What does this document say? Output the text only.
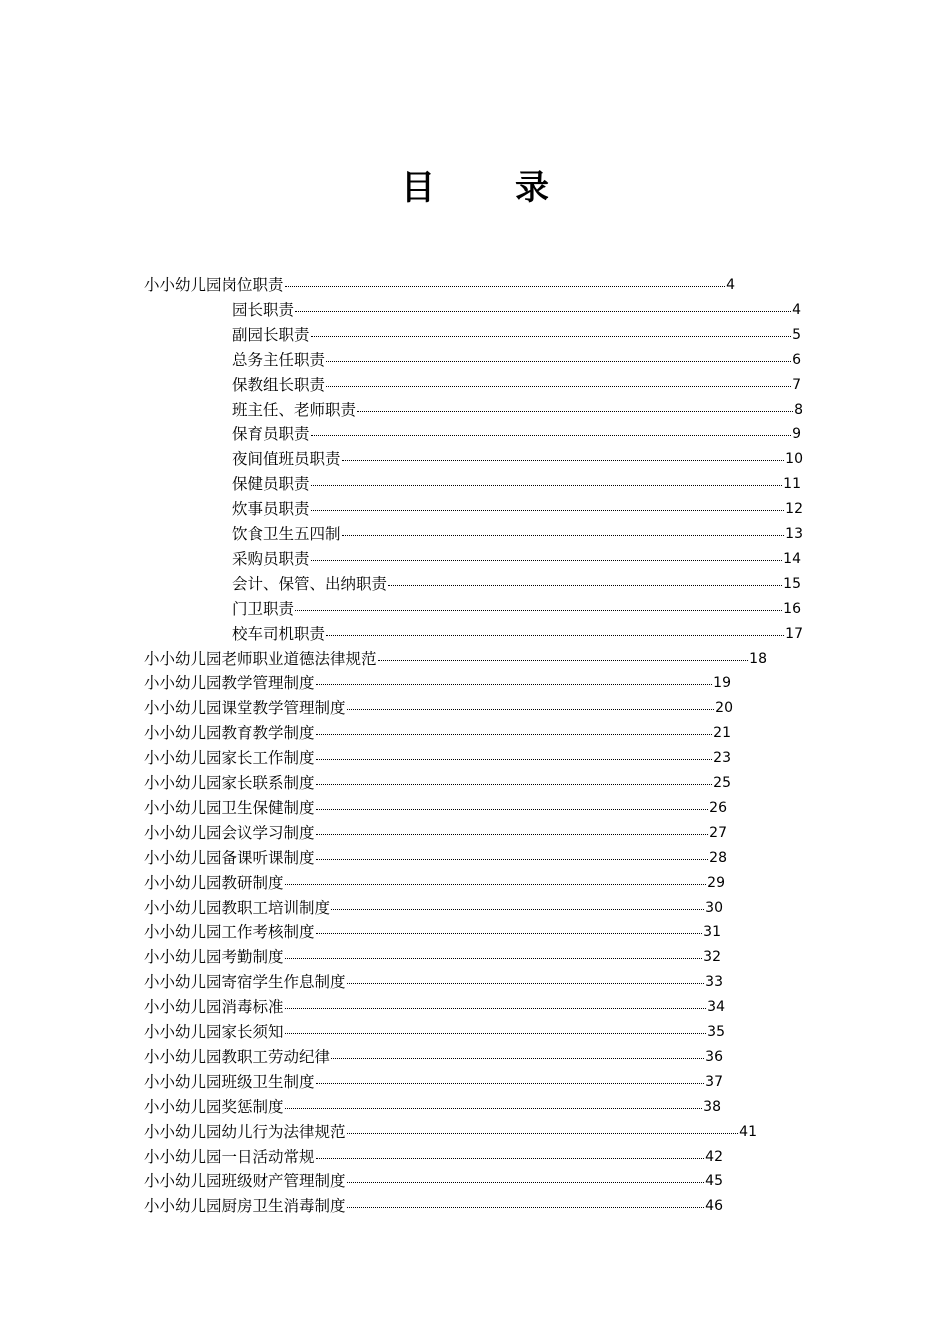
目 录
小小幼儿园岗位职责	4
园长职责	4
副园长职责	5
总务主任职责	6
保教组长职责	7
班主任、老师职责	8
保育员职责	9
夜间值班员职责	10
保健员职责	11
炊事员职责	12
饮食卫生五四制	13
采购员职责	14
会计、保管、出纳职责	15
门卫职责	16
校车司机职责	17
小小幼儿园老师职业道德法律规范	18
小小幼儿园教学管理制度	19
小小幼儿园课堂教学管理制度	20
小小幼儿园教育教学制度	21
小小幼儿园家长工作制度	23
小小幼儿园家长联系制度	25
小小幼儿园卫生保健制度	26
小小幼儿园会议学习制度	27
小小幼儿园备课听课制度	28
小小幼儿园教研制度	29
小小幼儿园教职工培训制度	30
小小幼儿园工作考核制度	31
小小幼儿园考勤制度	32
小小幼儿园寄宿学生作息制度	33
小小幼儿园消毒标准	34
小小幼儿园家长须知	35
小小幼儿园教职工劳动纪律	36
小小幼儿园班级卫生制度	37
小小幼儿园奖惩制度	38
小小幼儿园幼儿行为法律规范	41
小小幼儿园一日活动常规	42
小小幼儿园班级财产管理制度	45
小小幼儿园厨房卫生消毒制度	46
